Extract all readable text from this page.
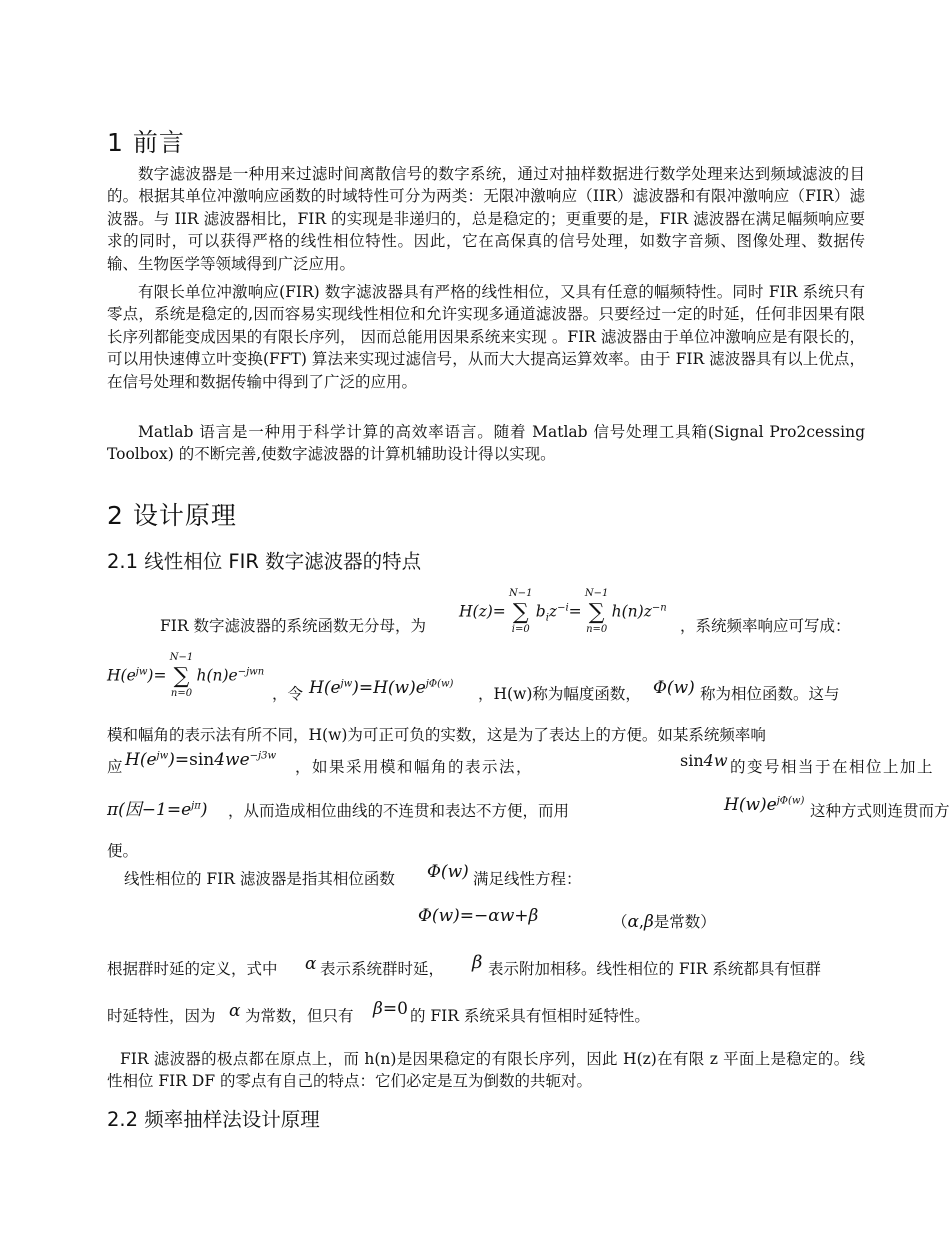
1 前言

数字滤波器是一种用来过滤时间离散信号的数字系统，通过对抽样数据进行数学处理来达到频域滤波的目的。根据其单位冲激响应函数的时域特性可分为两类：无限冲激响应（IIR）滤波器和有限冲激响应（FIR）滤波器。与 IIR 滤波器相比，FIR 的实现是非递归的，总是稳定的；更重要的是，FIR 滤波器在满足幅频响应要求的同时，可以获得严格的线性相位特性。因此，它在高保真的信号处理，如数字音频、图像处理、数据传输、生物医学等领域得到广泛应用。

有限长单位冲激响应(FIR) 数字滤波器具有严格的线性相位，又具有任意的幅频特性。同时 FIR 系统只有零点，系统是稳定的,因而容易实现线性相位和允许实现多通道滤波器。只要经过一定的时延，任何非因果有限长序列都能变成因果的有限长序列， 因而总能用因果系统来实现 。FIR 滤波器由于单位冲激响应是有限长的，可以用快速傅立叶变换(FFT) 算法来实现过滤信号，从而大大提高运算效率。由于 FIR 滤波器具有以上优点，在信号处理和数据传输中得到了广泛的应用。

Matlab 语言是一种用于科学计算的高效率语言。随着 Matlab 信号处理工具箱(Signal Pro2cessing Toolbox) 的不断完善,使数字滤波器的计算机辅助设计得以实现。

2 设计原理
2.1 线性相位 FIR 数字滤波器的特点
FIR 数字滤波器的系统函数无分母，为
H(z)=
N−1
∑
i=0
$b_iz^{-i}=$
N−1
∑
n=0
$h(n)z^{-n}$
，系统频率响应可写成：
$H(e^{jw})=$
N−1
∑
n=0
$h(n)e^{-jwn}$
，令 $H(e^{jw})=H(w)e^{j\Phi(w)}$
，H(w)称为幅度函数， Φ(w) 称为相位函数。这与
模和幅角的表示法有所不同，H(w)为可正可负的实数，这是为了表达上的方便。如某系统频率响
应 $H(e^{jw})=\sin 4we^{-j3w}$
，如果采用模和幅角的表示法，	sin4w 的变号相当于在相位上加上
π(因$-1=e^{j\pi}$) ，从而造成相位曲线的不连贯和表达不方便，而用	$H(w)e^{j\Phi(w)}$
这种方式则连贯而方
便。
线性相位的 FIR 滤波器是指其相位函数 Φ(w) 满足线性方程：
Φ(w)=−αw+β	（α,β是常数）
根据群时延的定义，式中 α 表示系统群时延， β 表示附加相移。线性相位的 FIR 系统都具有恒群
时延特性，因为 α 为常数，但只有 β=0 的 FIR 系统采具有恒相时延特性。

FIR 滤波器的极点都在原点上，而 h(n)是因果稳定的有限长序列，因此 H(z)在有限 z 平面上是稳定的。线性相位 FIR DF 的零点有自己的特点：它们必定是互为倒数的共轭对。

2.2 频率抽样法设计原理
